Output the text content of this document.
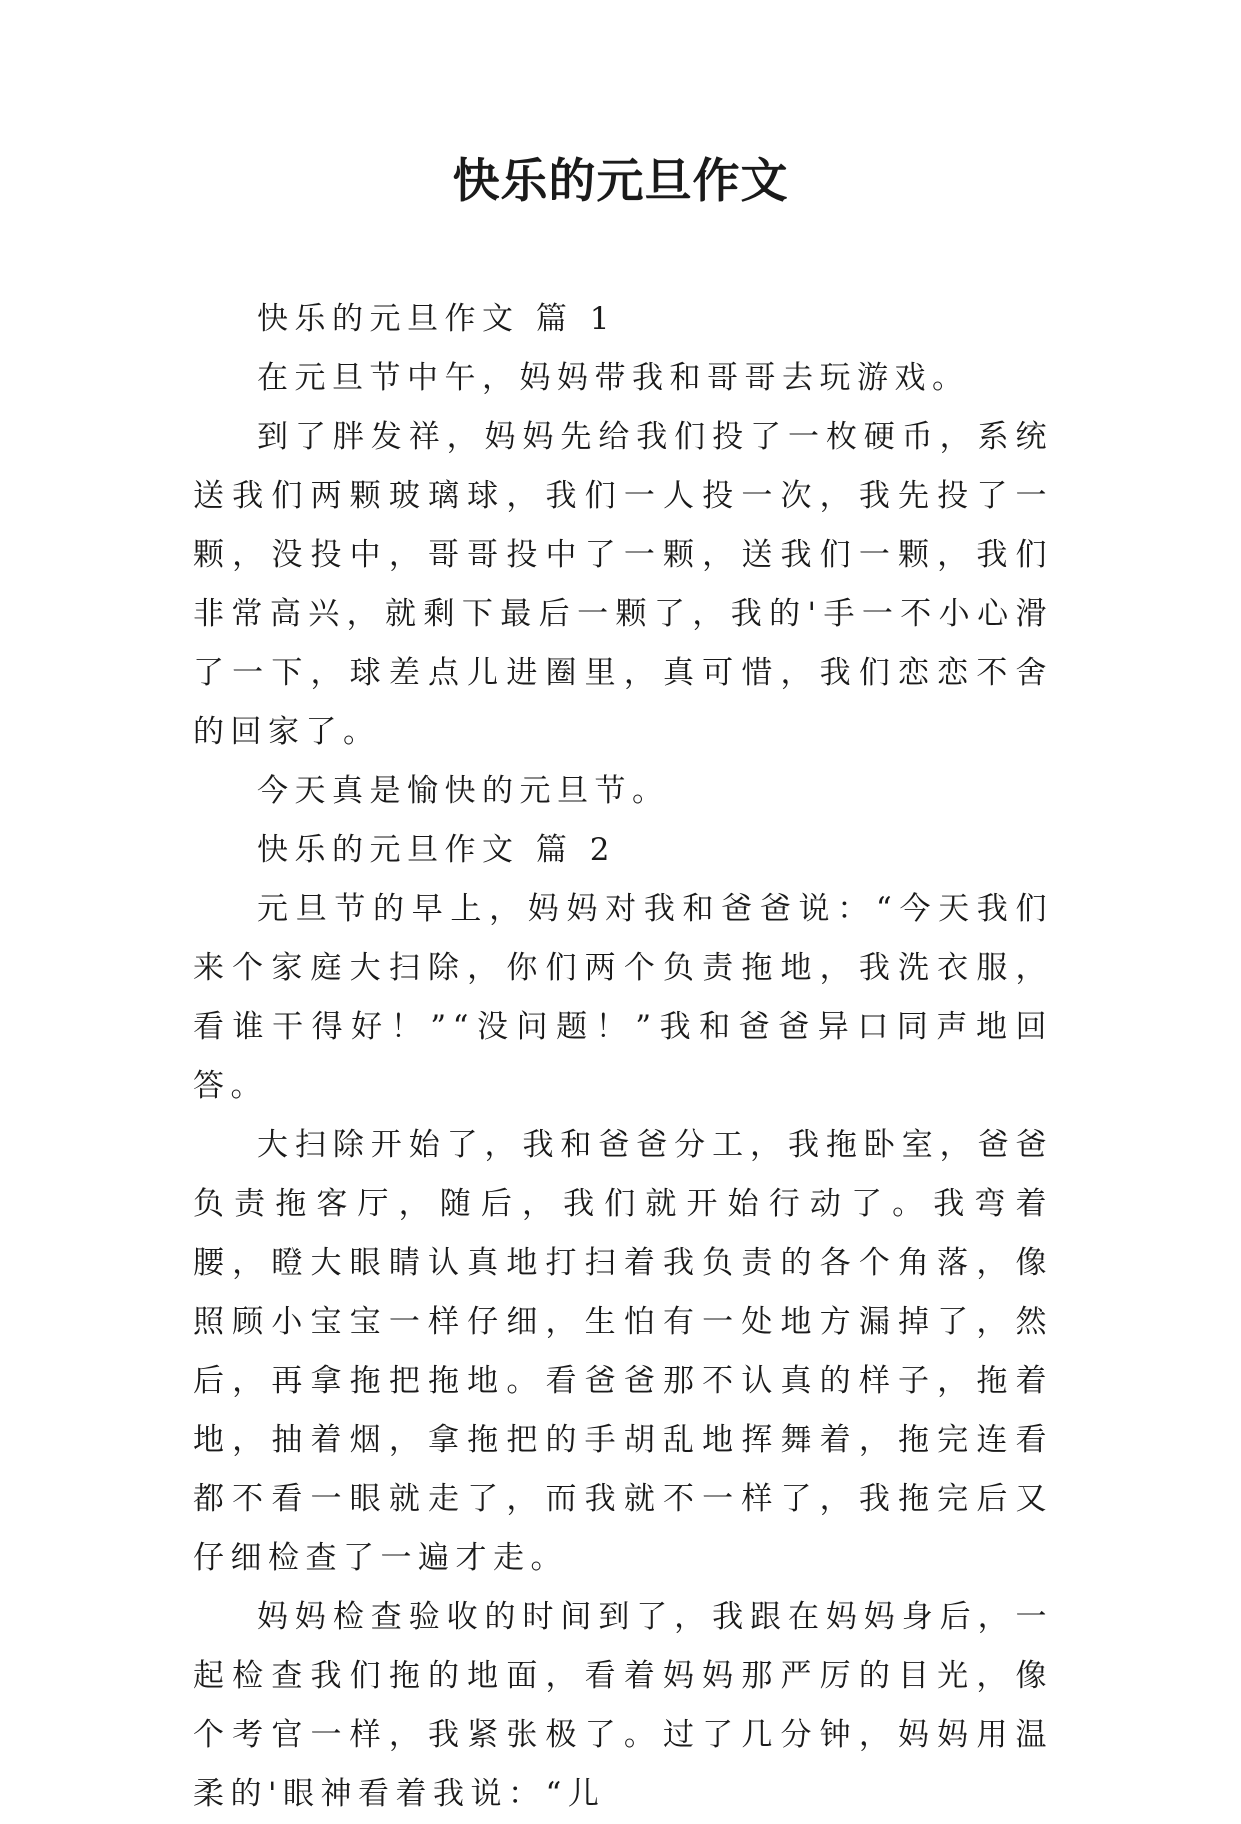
快乐的元旦作文

快乐的元旦作文 篇 1

在元旦节中午，妈妈带我和哥哥去玩游戏。

到了胖发祥，妈妈先给我们投了一枚硬币，系统送我们两颗玻璃球，我们一人投一次，我先投了一颗，没投中，哥哥投中了一颗，送我们一颗，我们非常高兴，就剩下最后一颗了，我的'手一不小心滑了一下，球差点儿进圈里，真可惜，我们恋恋不舍的回家了。

今天真是愉快的元旦节。

快乐的元旦作文 篇 2

元旦节的早上，妈妈对我和爸爸说：“今天我们来个家庭大扫除，你们两个负责拖地，我洗衣服，看谁干得好！”“没问题！”我和爸爸异口同声地回答。

大扫除开始了，我和爸爸分工，我拖卧室，爸爸负责拖客厅，随后，我们就开始行动了。我弯着腰，瞪大眼睛认真地打扫着我负责的各个角落，像照顾小宝宝一样仔细，生怕有一处地方漏掉了，然后，再拿拖把拖地。看爸爸那不认真的样子，拖着地，抽着烟，拿拖把的手胡乱地挥舞着，拖完连看都不看一眼就走了，而我就不一样了，我拖完后又仔细检查了一遍才走。

妈妈检查验收的时间到了，我跟在妈妈身后，一起检查我们拖的地面，看着妈妈那严厉的目光，像个考官一样，我紧张极了。过了几分钟，妈妈用温柔的'眼神看着我说：“儿
